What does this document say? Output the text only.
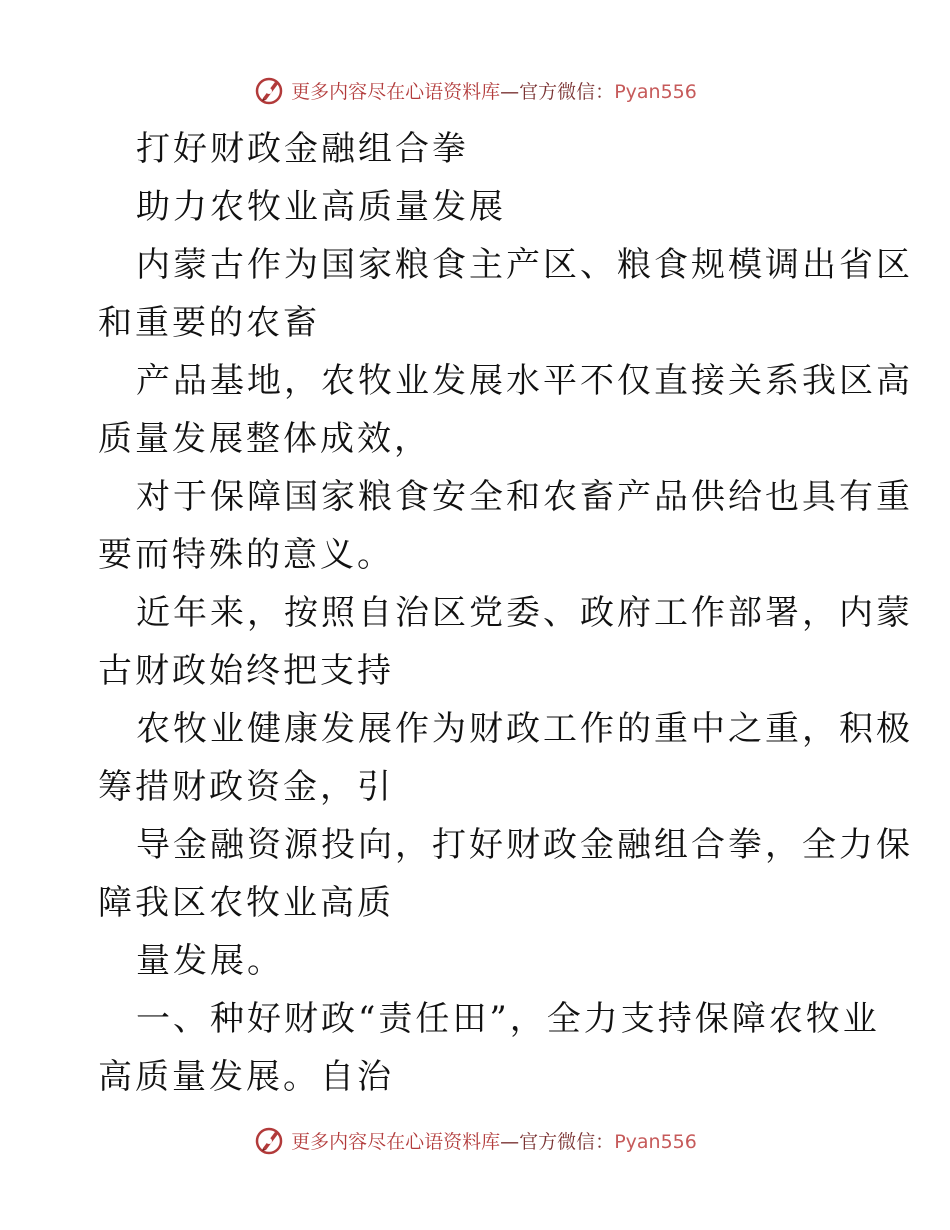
更多内容尽在心语资料库—官方微信：Pyan556
打好财政金融组合拳
助力农牧业高质量发展
内蒙古作为国家粮食主产区、粮食规模调出省区
和重要的农畜
产品基地，农牧业发展水平不仅直接关系我区高
质量发展整体成效，
对于保障国家粮食安全和农畜产品供给也具有重
要而特殊的意义。
近年来，按照自治区党委、政府工作部署，内蒙
古财政始终把支持
农牧业健康发展作为财政工作的重中之重，积极
筹措财政资金，引
导金融资源投向，打好财政金融组合拳，全力保
障我区农牧业高质
量发展。
一、种好财政“责任田”，全力支持保障农牧业
高质量发展。自治
更多内容尽在心语资料库—官方微信：Pyan556
